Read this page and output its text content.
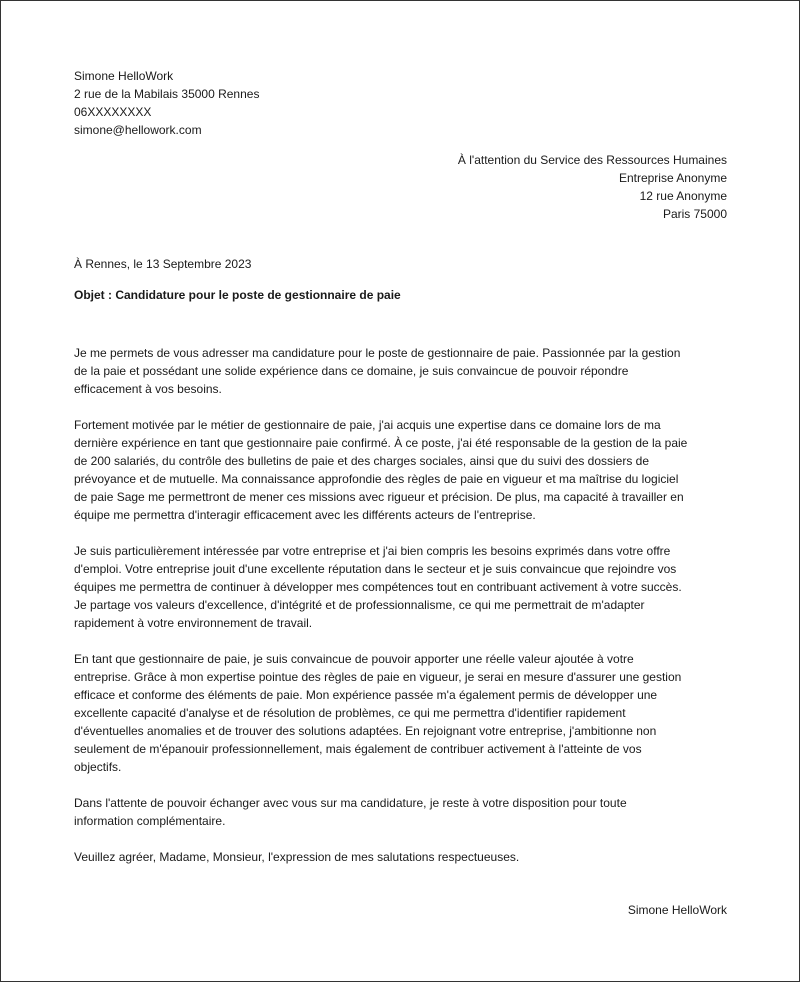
Simone HelloWork
2 rue de la Mabilais 35000 Rennes
06XXXXXXXX
simone@hellowork.com
À l'attention du Service des Ressources Humaines
Entreprise Anonyme
12 rue Anonyme
Paris 75000
À Rennes, le 13 Septembre 2023
Objet : Candidature pour le poste de gestionnaire de paie
Je me permets de vous adresser ma candidature pour le poste de gestionnaire de paie. Passionnée par la gestion
de la paie et possédant une solide expérience dans ce domaine, je suis convaincue de pouvoir répondre
efficacement à vos besoins.
Fortement motivée par le métier de gestionnaire de paie, j'ai acquis une expertise dans ce domaine lors de ma
dernière expérience en tant que gestionnaire paie confirmé. À ce poste, j'ai été responsable de la gestion de la paie
de 200 salariés, du contrôle des bulletins de paie et des charges sociales, ainsi que du suivi des dossiers de
prévoyance et de mutuelle. Ma connaissance approfondie des règles de paie en vigueur et ma maîtrise du logiciel
de paie Sage me permettront de mener ces missions avec rigueur et précision. De plus, ma capacité à travailler en
équipe me permettra d'interagir efficacement avec les différents acteurs de l'entreprise.
Je suis particulièrement intéressée par votre entreprise et j'ai bien compris les besoins exprimés dans votre offre
d'emploi. Votre entreprise jouit d'une excellente réputation dans le secteur et je suis convaincue que rejoindre vos
équipes me permettra de continuer à développer mes compétences tout en contribuant activement à votre succès.
Je partage vos valeurs d'excellence, d'intégrité et de professionnalisme, ce qui me permettrait de m'adapter
rapidement à votre environnement de travail.
En tant que gestionnaire de paie, je suis convaincue de pouvoir apporter une réelle valeur ajoutée à votre
entreprise. Grâce à mon expertise pointue des règles de paie en vigueur, je serai en mesure d'assurer une gestion
efficace et conforme des éléments de paie. Mon expérience passée m'a également permis de développer une
excellente capacité d'analyse et de résolution de problèmes, ce qui me permettra d'identifier rapidement
d'éventuelles anomalies et de trouver des solutions adaptées. En rejoignant votre entreprise, j'ambitionne non
seulement de m'épanouir professionnellement, mais également de contribuer activement à l'atteinte de vos
objectifs.
Dans l'attente de pouvoir échanger avec vous sur ma candidature, je reste à votre disposition pour toute
information complémentaire.
Veuillez agréer, Madame, Monsieur, l'expression de mes salutations respectueuses.
Simone HelloWork
